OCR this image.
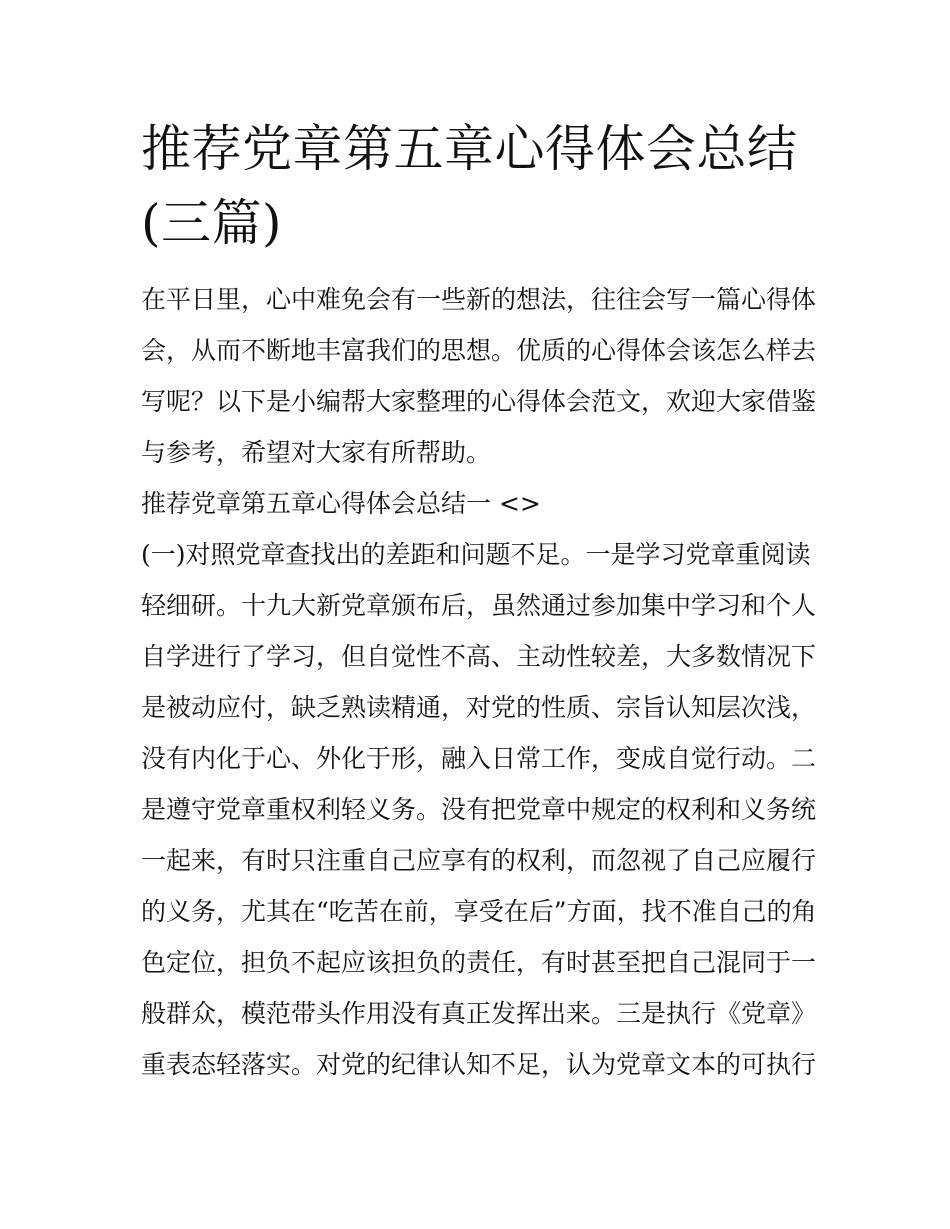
推荐党章第五章心得体会总结
(三篇)
在平日里，心中难免会有一些新的想法，往往会写一篇心得体
会，从而不断地丰富我们的思想。优质的心得体会该怎么样去
写呢？以下是小编帮大家整理的心得体会范文，欢迎大家借鉴
与参考，希望对大家有所帮助。
推荐党章第五章心得体会总结一 <>
(一)对照党章查找出的差距和问题不足。一是学习党章重阅读
轻细研。十九大新党章颁布后，虽然通过参加集中学习和个人
自学进行了学习，但自觉性不高、主动性较差，大多数情况下
是被动应付，缺乏熟读精通，对党的性质、宗旨认知层次浅，
没有内化于心、外化于形，融入日常工作，变成自觉行动。二
是遵守党章重权利轻义务。没有把党章中规定的权利和义务统
一起来，有时只注重自己应享有的权利，而忽视了自己应履行
的义务，尤其在“吃苦在前，享受在后”方面，找不准自己的角
色定位，担负不起应该担负的责任，有时甚至把自己混同于一
般群众，模范带头作用没有真正发挥出来。三是执行《党章》
重表态轻落实。对党的纪律认知不足，认为党章文本的可执行
